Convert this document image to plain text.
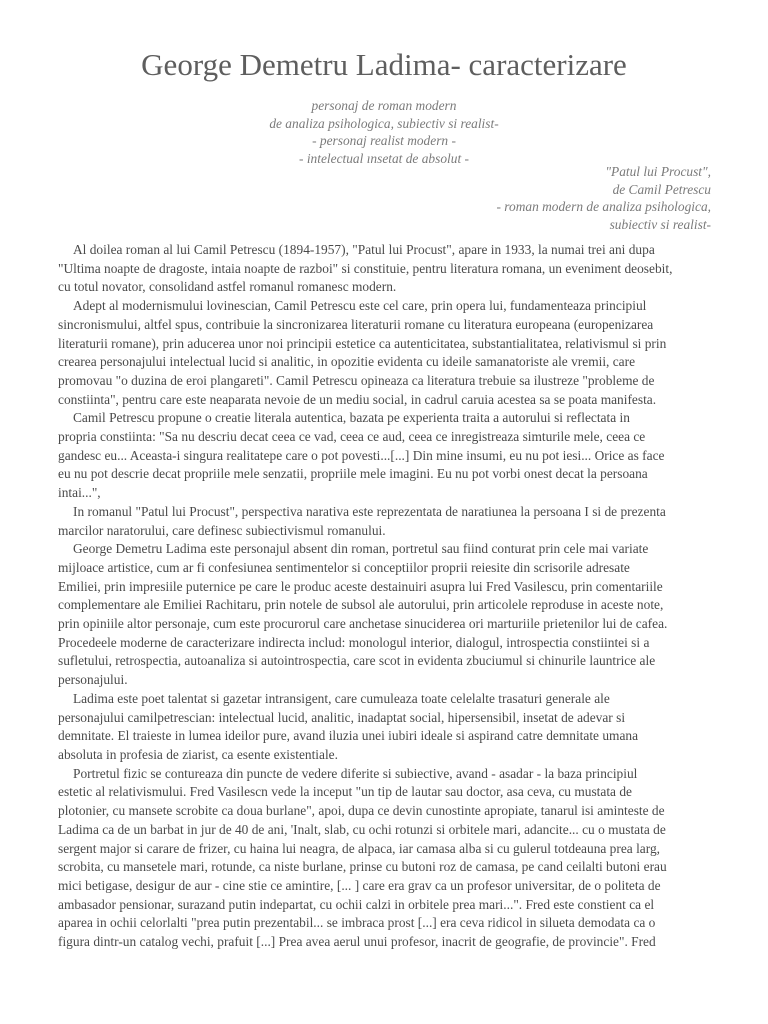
George Demetru Ladima- caracterizare
personaj de roman modern
de analiza psihologica, subiectiv si realist-
- personaj realist modern -
- intelectual ınsetat de absolut -
"Patul lui Procust",
de Camil Petrescu
- roman modern de analiza psihologica,
subiectiv si realist-

Al doilea roman al lui Camil Petrescu (1894-1957), "Patul lui Procust", apare in 1933, la numai trei ani dupa

"Ultima noapte de dragoste, intaia noapte de razboi" si constituie, pentru literatura romana, un eveniment deosebit,

cu totul novator, consolidand astfel romanul romanesc modern.

Adept al modernismului lovinescian, Camil Petrescu este cel care, prin opera lui, fundamenteaza principiul

sincronismului, altfel spus, contribuie la sincronizarea literaturii romane cu literatura europeana (europenizarea

literaturii romane), prin aducerea unor noi principii estetice ca autenticitatea, substantialitatea, relativismul si prin

crearea personajului intelectual lucid si analitic, in opozitie evidenta cu ideile samanatoriste ale vremii, care

promovau "o duzina de eroi plangareti". Camil Petrescu opineaza ca literatura trebuie sa ilustreze "probleme de

constiinta", pentru care este neaparata nevoie de un mediu social, in cadrul caruia acestea sa se poata manifesta.

Camil Petrescu propune o creatie literala autentica, bazata pe experienta traita a autorului si reflectata in

propria constiinta: "Sa nu descriu decat ceea ce vad, ceea ce aud, ceea ce inregistreaza simturile mele, ceea ce

gandesc eu... Aceasta-i singura realitatepe care o pot povesti...[...] Din mine insumi, eu nu pot iesi... Orice as face

eu nu pot descrie decat propriile mele senzatii, propriile mele imagini. Eu nu pot vorbi onest decat la persoana

intai...",

In romanul "Patul lui Procust", perspectiva narativa este reprezentata de naratiunea la persoana I si de prezenta

marcilor naratorului, care definesc subiectivismul romanului.

George Demetru Ladima este personajul absent din roman, portretul sau fiind conturat prin cele mai variate

mijloace artistice, cum ar fi confesiunea sentimentelor si conceptiilor proprii reiesite din scrisorile adresate

Emiliei, prin impresiile puternice pe care le produc aceste destainuiri asupra lui Fred Vasilescu, prin comentariile

complementare ale Emiliei Rachitaru, prin notele de subsol ale autorului, prin articolele reproduse in aceste note,

prin opiniile altor personaje, cum este procurorul care anchetase sinuciderea ori marturiile prietenilor lui de cafea.

Procedeele moderne de caracterizare indirecta includ: monologul interior, dialogul, introspectia constiintei si a

sufletului, retrospectia, autoanaliza si autointrospectia, care scot in evidenta zbuciumul si chinurile launtrice ale

personajului.

Ladima este poet talentat si gazetar intransigent, care cumuleaza toate celelalte trasaturi generale ale

personajului camilpetrescian: intelectual lucid, analitic, inadaptat social, hipersensibil, insetat de adevar si

demnitate. El traieste in lumea ideilor pure, avand iluzia unei iubiri ideale si aspirand catre demnitate umana

absoluta in profesia de ziarist, ca esente existentiale.

Portretul fizic se contureaza din puncte de vedere diferite si subiective, avand - asadar - la baza principiul

estetic al relativismului. Fred Vasilescn vede la inceput "un tip de lautar sau doctor, asa ceva, cu mustata de

plotonier, cu mansete scrobite ca doua burlane", apoi, dupa ce devin cunostinte apropiate, tanarul isi aminteste de

Ladima ca de un barbat in jur de 40 de ani, 'Inalt, slab, cu ochi rotunzi si orbitele mari, adancite... cu o mustata de

sergent major si carare de frizer, cu haina lui neagra, de alpaca, iar camasa alba si cu gulerul totdeauna prea larg,

scrobita, cu mansetele mari, rotunde, ca niste burlane, prinse cu butoni roz de camasa, pe cand ceilalti butoni erau

mici betigase, desigur de aur - cine stie ce amintire, [... ] care era grav ca un profesor universitar, de o politeta de

ambasador pensionar, surazand putin indepartat, cu ochii calzi in orbitele prea mari...". Fred este constient ca el

aparea in ochii celorlalti "prea putin prezentabil... se imbraca prost [...] era ceva ridicol in silueta demodata ca o

figura dintr-un catalog vechi, prafuit [...] Prea avea aerul unui profesor, inacrit de geografie, de provincie". Fred
